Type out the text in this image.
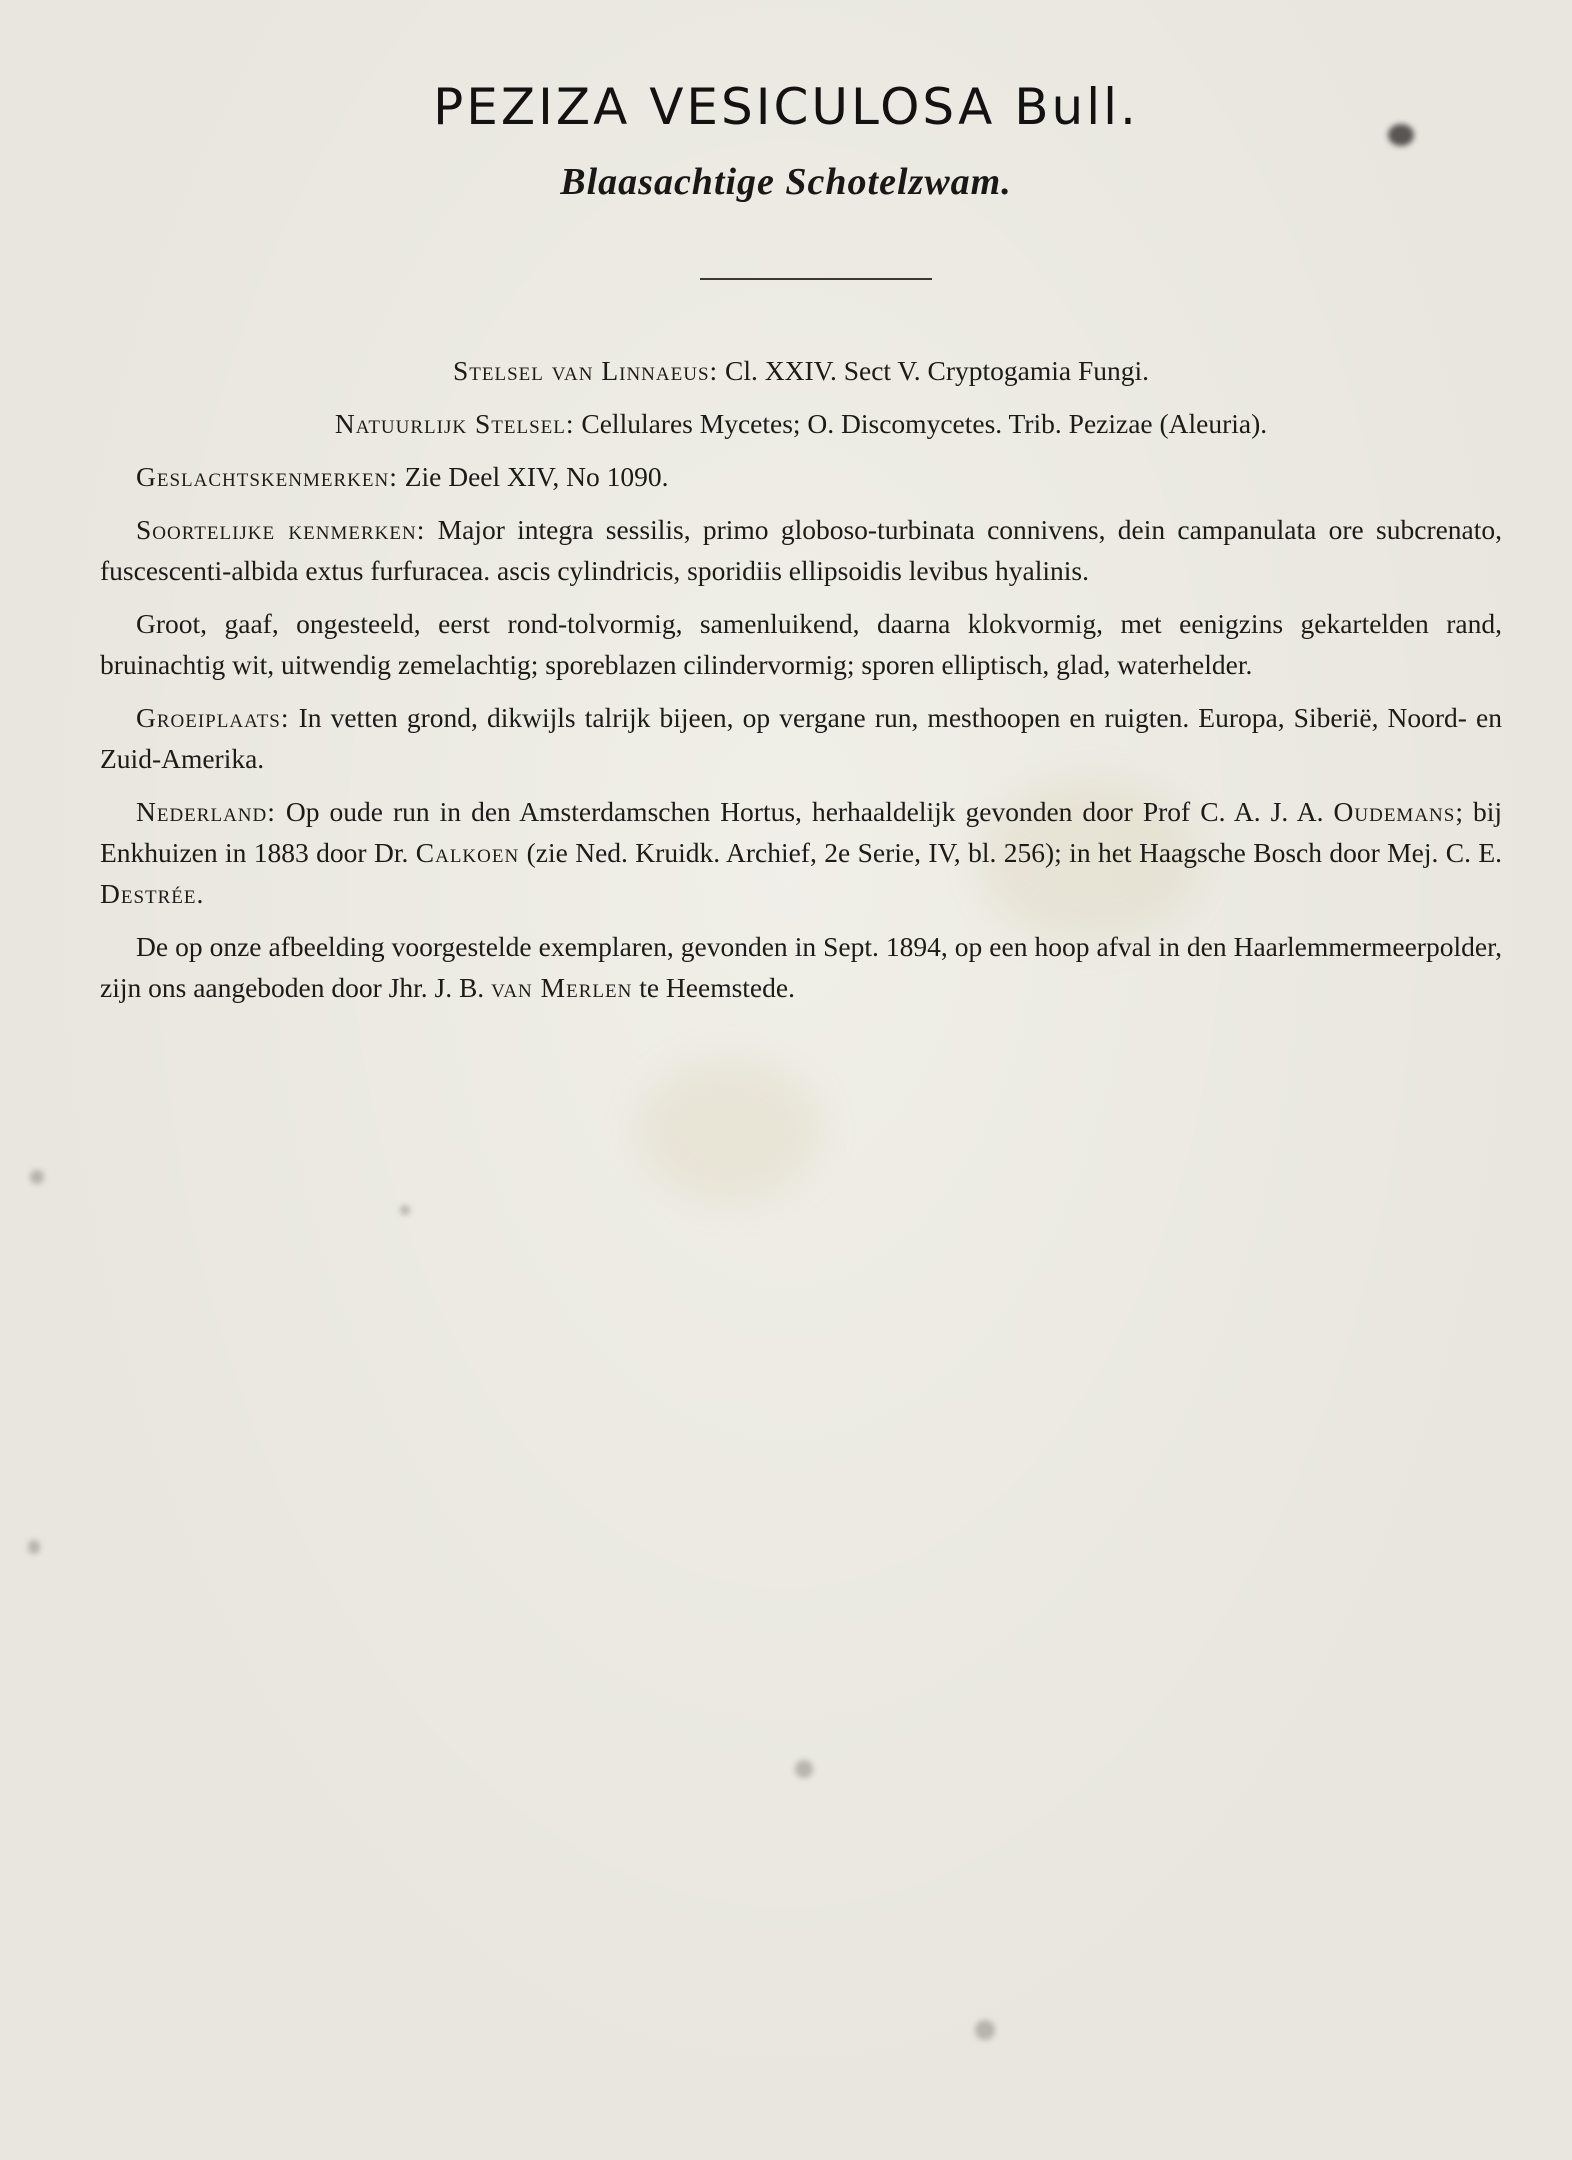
PEZIZA VESICULOSA Bull.
Blaasachtige Schotelzwam.

Stelsel van Linnaeus: Cl. XXIV. Sect V. Cryptogamia Fungi.

Natuurlijk Stelsel: Cellulares Mycetes; O. Discomycetes. Trib. Pezizae (Aleuria).

Geslachtskenmerken: Zie Deel XIV, No 1090.

Soortelijke kenmerken: Major integra sessilis, primo globoso-turbinata connivens, dein campanulata ore subcrenato, fuscescenti-albida extus furfuracea. ascis cylindricis, sporidiis ellipsoidis levibus hyalinis.

Groot, gaaf, ongesteeld, eerst rond-tolvormig, samenluikend, daarna klokvormig, met eenigzins gekartelden rand, bruinachtig wit, uitwendig zemelachtig; sporeblazen cilindervormig; sporen elliptisch, glad, waterhelder.

Groeiplaats: In vetten grond, dikwijls talrijk bijeen, op vergane run, mesthoopen en ruigten. Europa, Siberië, Noord- en Zuid-Amerika.

Nederland: Op oude run in den Amsterdamschen Hortus, herhaaldelijk gevonden door Prof C. A. J. A. Oudemans; bij Enkhuizen in 1883 door Dr. Calkoen (zie Ned. Kruidk. Archief, 2e Serie, IV, bl. 256); in het Haagsche Bosch door Mej. C. E. Destrée.

De op onze afbeelding voorgestelde exemplaren, gevonden in Sept. 1894, op een hoop afval in den Haarlemmermeerpolder, zijn ons aangeboden door Jhr. J. B. van Merlen te Heemstede.
